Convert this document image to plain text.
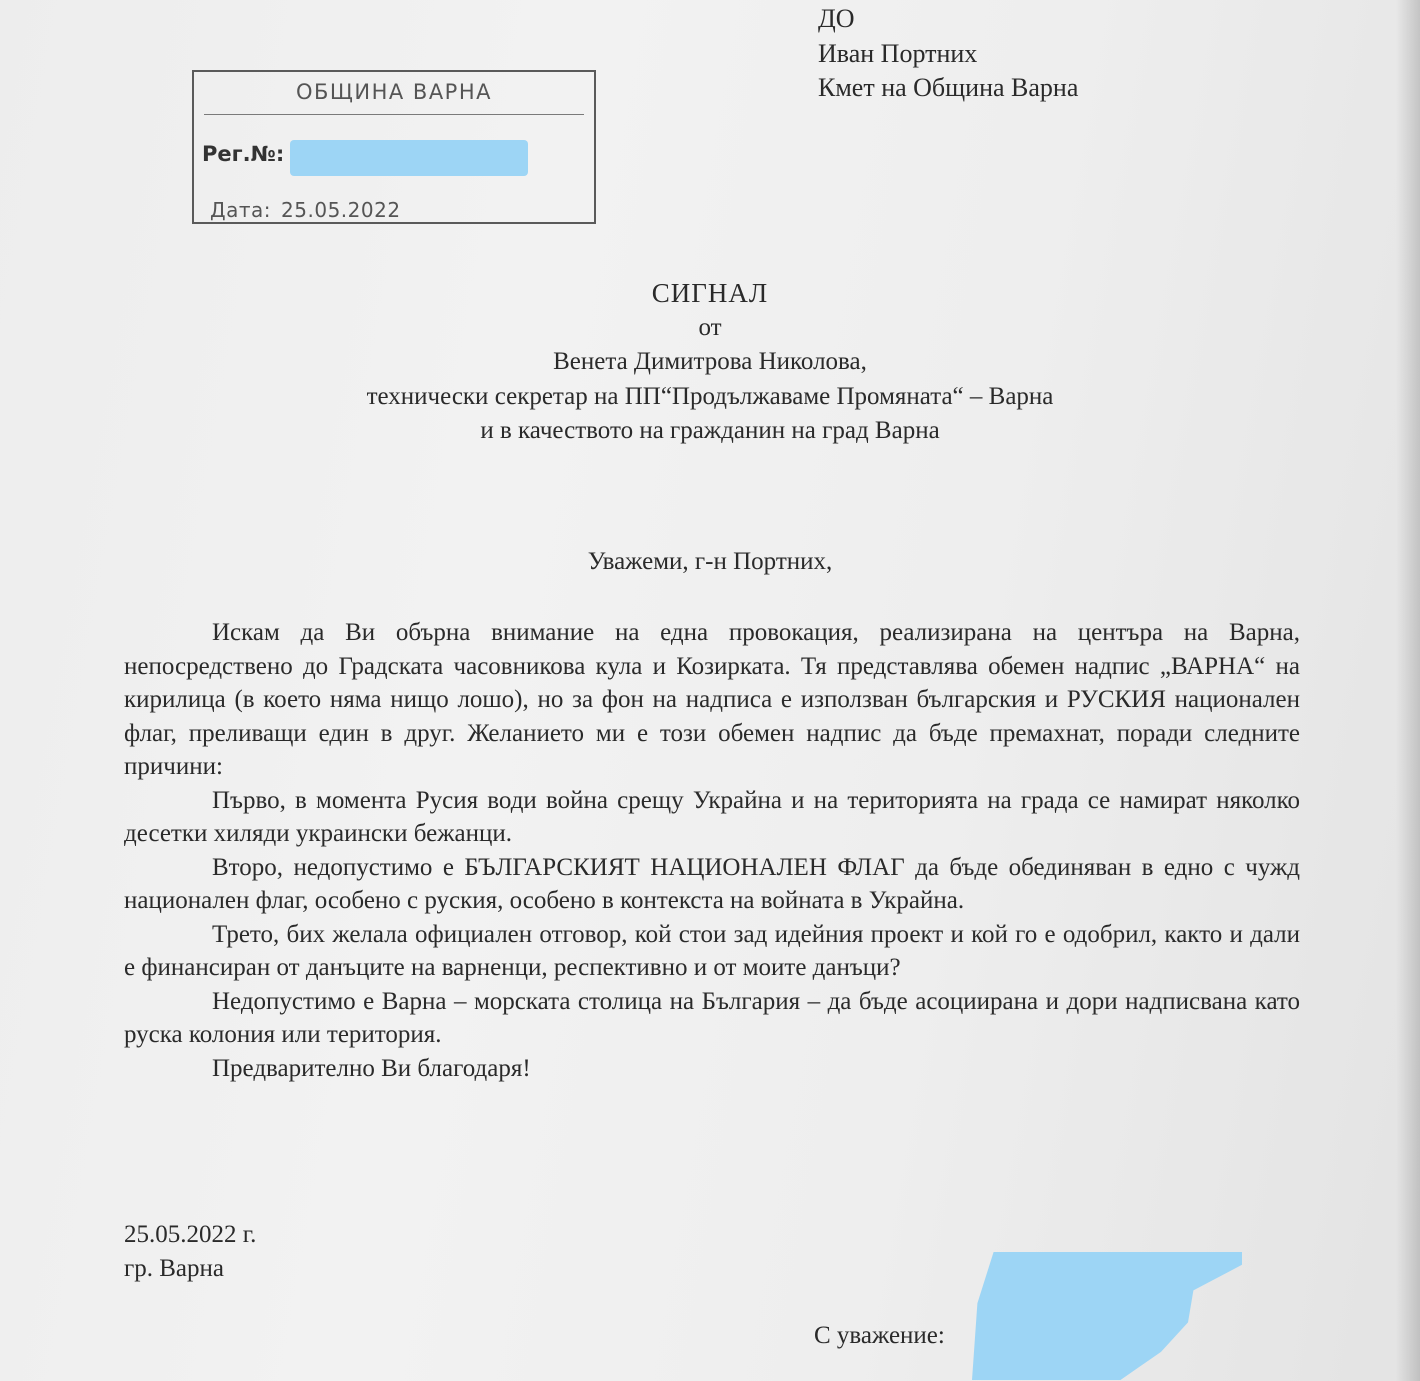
ДО
Иван Портних
Кмет на Община Варна
ОБЩИНА ВАРНА
Рег.№:
Дата: 25.05.2022
СИГНАЛ
от
Венета Димитрова Николова,
технически секретар на ПП“Продължаваме Промяната“ – Варна
и в качеството на гражданин на град Варна
Уважеми, г-н Портних,

Искам да Ви обърна внимание на една провокация, реализирана на центъра на Варна, непосредствено до Градската часовникова кула и Козирката. Тя представлява обемен надпис „ВАРНА“ на кирилица (в което няма нищо лошо), но за фон на надписа е използван българския и РУСКИЯ национален флаг, преливащи един в друг. Желанието ми е този обемен надпис да бъде премахнат, поради следните причини:

Първо, в момента Русия води война срещу Украйна и на територията на града се намират няколко десетки хиляди украински бежанци.

Второ, недопустимо е БЪЛГАРСКИЯТ НАЦИОНАЛЕН ФЛАГ да бъде обединяван в едно с чужд национален флаг, особено с руския, особено в контекста на войната в Украйна.

Трето, бих желала официален отговор, кой стои зад идейния проект и кой го е одобрил, както и дали е финансиран от данъците на варненци, респективно и от моите данъци?

Недопустимо е Варна – морската столица на България – да бъде асоциирана и дори надписвана като руска колония или територия.

Предварително Ви благодаря!

25.05.2022 г.
гр. Варна
С уважение:
